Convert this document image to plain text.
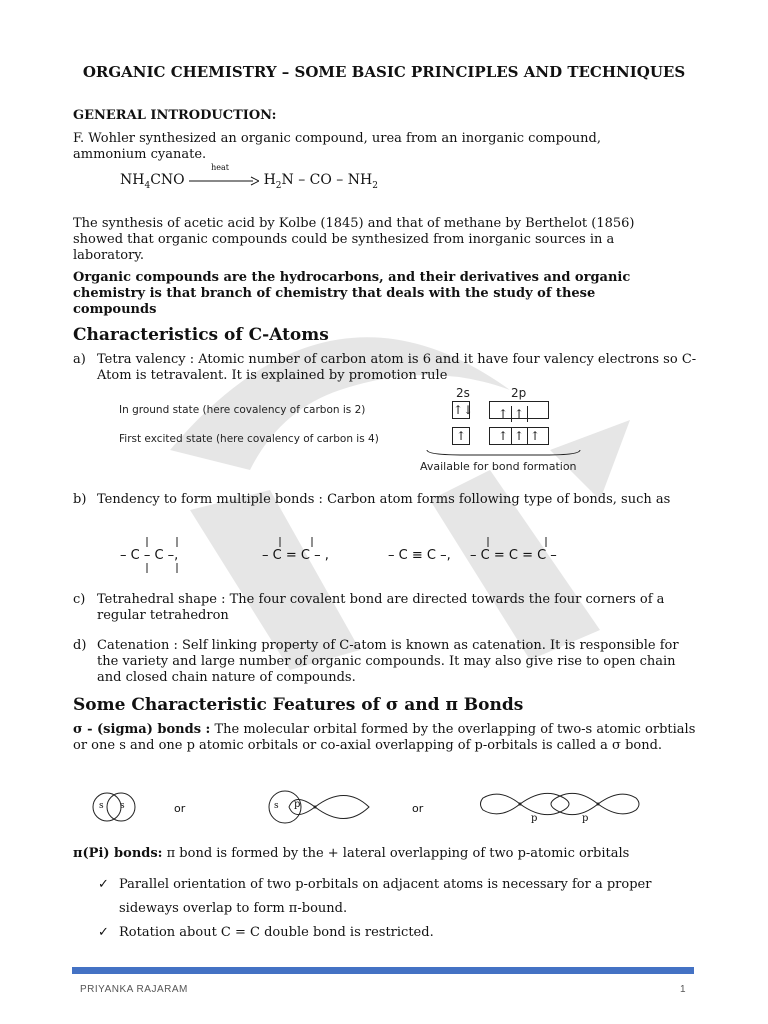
ORGANIC CHEMISTRY – SOME BASIC PRINCIPLES AND TECHNIQUES
GENERAL INTRODUCTION:
F. Wohler synthesized an organic compound, urea from an inorganic compound, ammonium cyanate.
$NH_4CNO$
heat
$H_2N$ – CO – $NH_2$
The synthesis of acetic acid by Kolbe (1845) and that of methane by Berthelot (1856) showed that organic compounds could be synthesized from inorganic sources in a laboratory.
Organic compounds are the hydrocarbons, and their derivatives and organic chemistry is that branch of chemistry that deals with the study of these compounds
Characteristics of C-Atoms
a) Tetra valency : Atomic number of carbon atom is 6 and it have four valency electrons so C-Atom is tetravalent. It is explained by promotion rule
2s	2p
In ground state (here covalency of carbon is 2)	↑↓	↑ ↑
First excited state (here covalency of carbon is 4)	↑	↑ ↑ ↑
Available for bond formation
b) Tendency to form multiple bonds : Carbon atom forms following type of bonds, such as
– C – C –,	– C = C – ,	– C ≡ C –, – C = C = C –
c) Tetrahedral shape : The four covalent bond are directed towards the four corners of a regular tetrahedron
d) Catenation : Self linking property of C-atom is known as catenation. It is responsible for the variety and large number of organic compounds. It may also give rise to open chain and closed chain nature of compounds.
Some Characteristic Features of σ and π Bonds
σ - (sigma) bonds : The molecular orbital formed by the overlapping of two-s atomic orbtials or one s and one p atomic orbitals or co-axial overlapping of p-orbitals is called a σ bond.
s s	or	s p	or
p	p
π(Pi) bonds: π bond is formed by the + lateral overlapping of two p-atomic orbitals
✓ Parallel orientation of two p-orbitals on adjacent atoms is necessary for a proper sideways overlap to form π-bound.
✓ Rotation about C = C double bond is restricted.
PRIYANKA RAJARAM	1
